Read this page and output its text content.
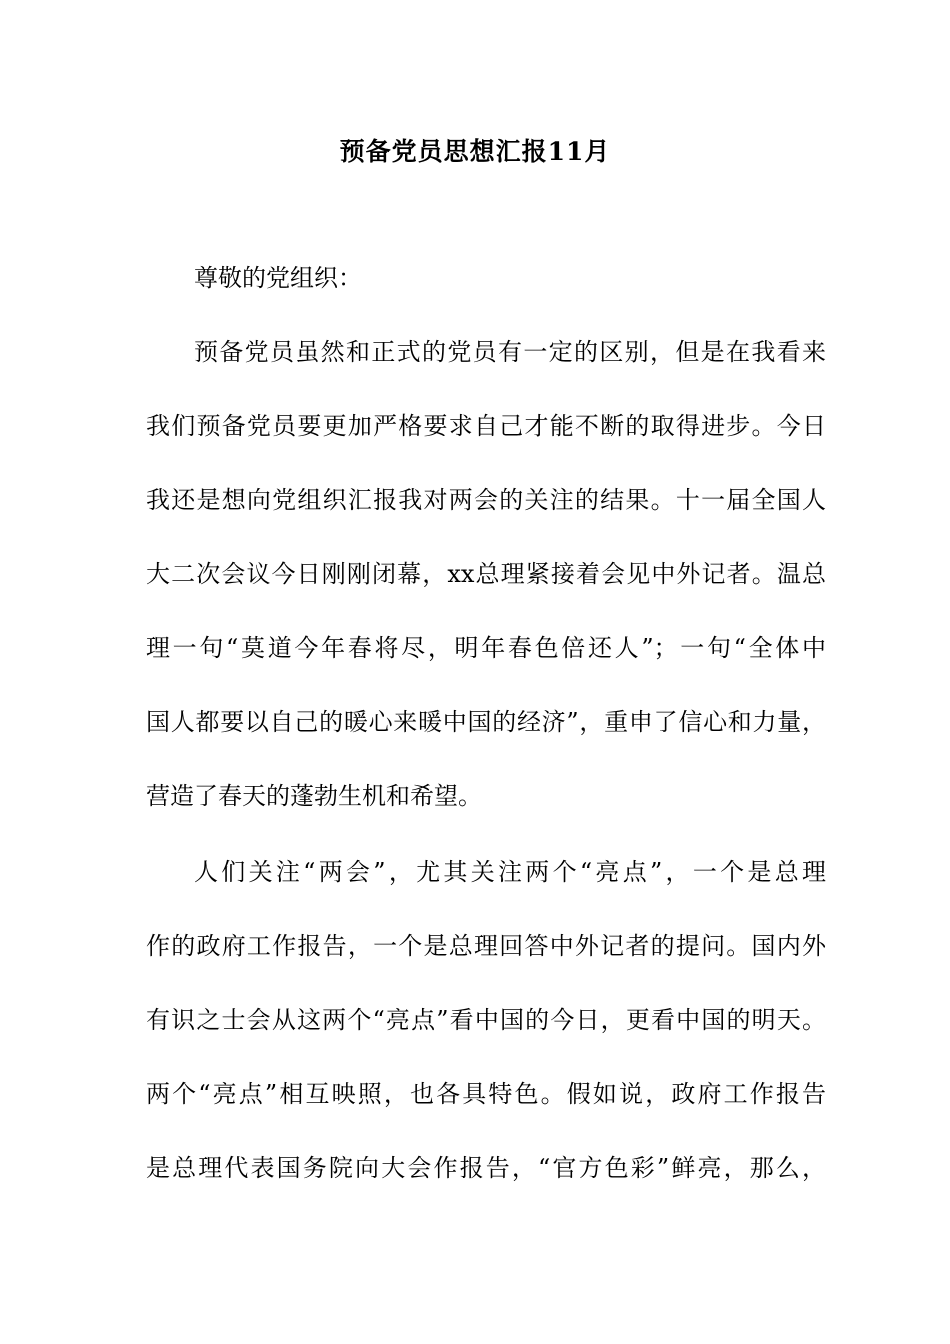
预备党员思想汇报11月

尊敬的党组织：

预备党员虽然和正式的党员有一定的区别，但是在我看来

我们预备党员要更加严格要求自己才能不断的取得进步。今日

我还是想向党组织汇报我对两会的关注的结果。十一届全国人

大二次会议今日刚刚闭幕，xx总理紧接着会见中外记者。温总

理一句“莫道今年春将尽，明年春色倍还人”；一句“全体中

国人都要以自己的暖心来暖中国的经济”，重申了信心和力量，

营造了春天的蓬勃生机和希望。

人们关注“两会”，尤其关注两个“亮点”，一个是总理

作的政府工作报告，一个是总理回答中外记者的提问。国内外

有识之士会从这两个“亮点”看中国的今日，更看中国的明天。

两个“亮点”相互映照，也各具特色。假如说，政府工作报告

是总理代表国务院向大会作报告，“官方色彩”鲜亮，那么，
